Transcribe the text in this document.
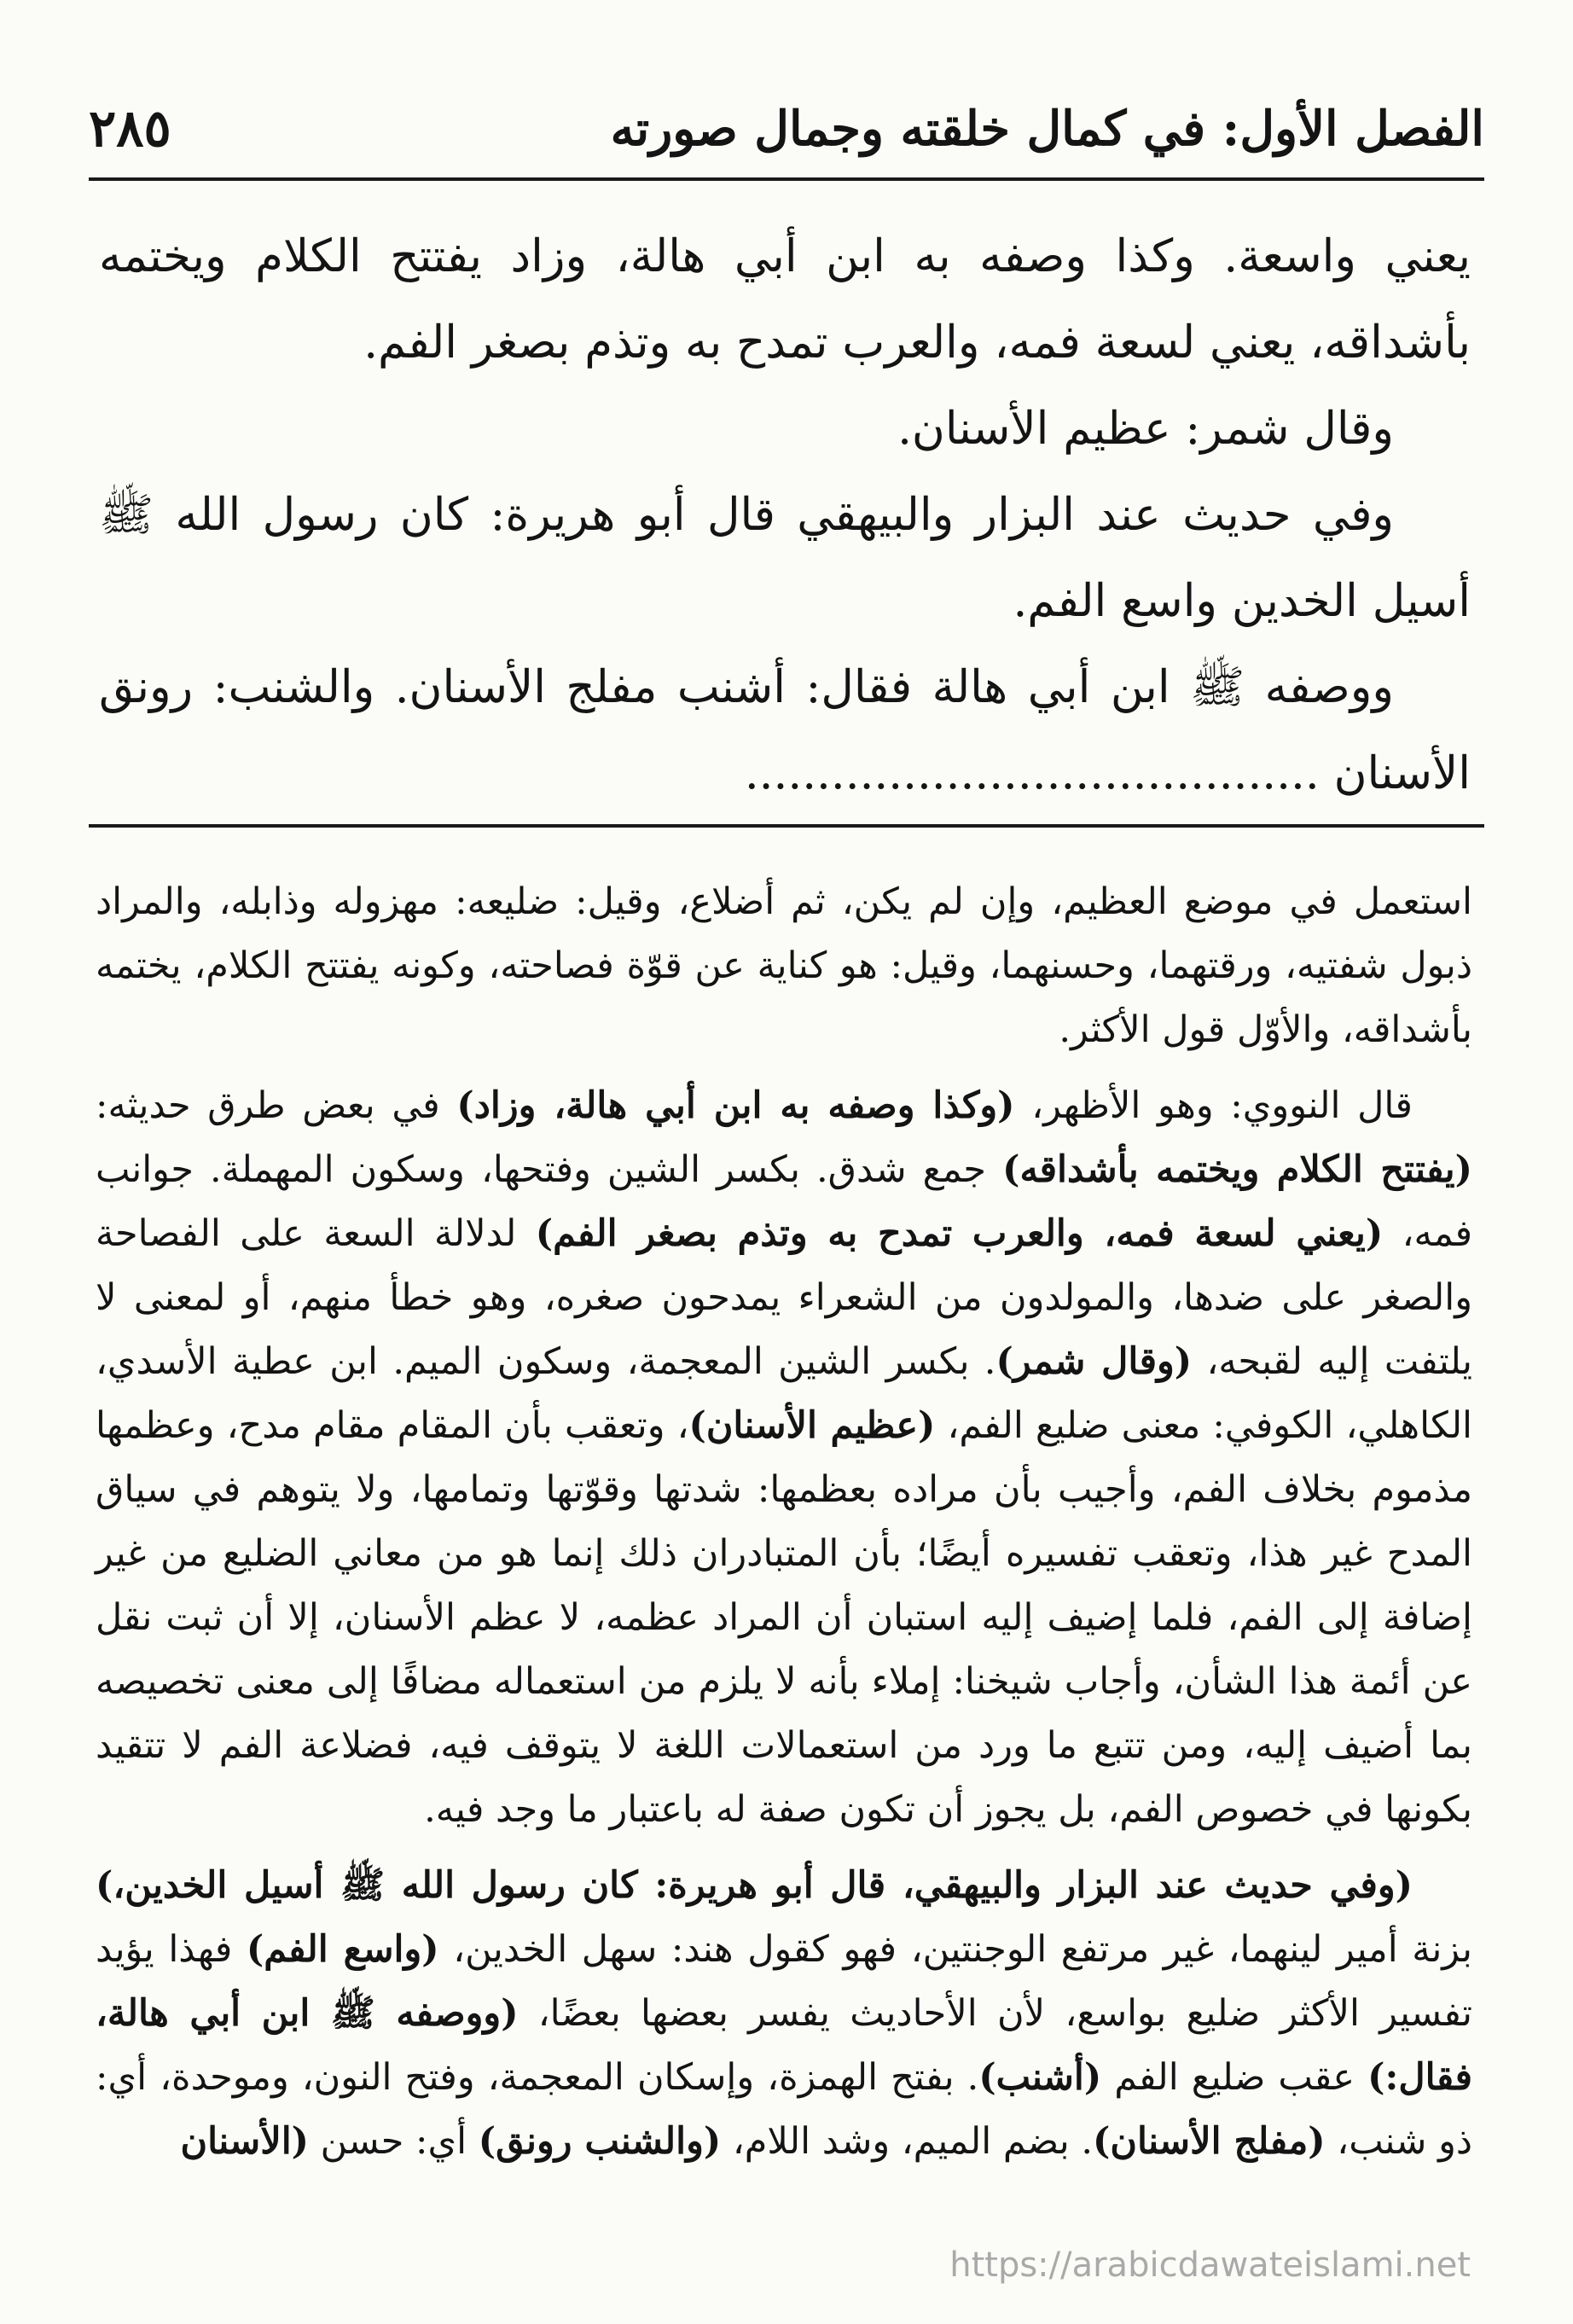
الفصل الأول: في كمال خلقته وجمال صورته
٢٨٥

يعني واسعة. وكذا وصفه به ابن أبي هالة، وزاد يفتتح الكلام ويختمه بأشداقه، يعني لسعة فمه، والعرب تمدح به وتذم بصغر الفم.

وقال شمر: عظيم الأسنان.

وفي حديث عند البزار والبيهقي قال أبو هريرة: كان رسول الله ﷺ أسيل الخدين واسع الفم.

ووصفه ﷺ ابن أبي هالة فقال: أشنب مفلج الأسنان. والشنب: رونق الأسنان ........................................

استعمل في موضع العظيم، وإن لم يكن، ثم أضلاع، وقيل: ضليعه: مهزوله وذابله، والمراد ذبول شفتيه، ورقتهما، وحسنهما، وقيل: هو كناية عن قوّة فصاحته، وكونه يفتتح الكلام، يختمه بأشداقه، والأوّل قول الأكثر.

قال النووي: وهو الأظهر، (وكذا وصفه به ابن أبي هالة، وزاد) في بعض طرق حديثه: (يفتتح الكلام ويختمه بأشداقه) جمع شدق. بكسر الشين وفتحها، وسكون المهملة. جوانب فمه، (يعني لسعة فمه، والعرب تمدح به وتذم بصغر الفم) لدلالة السعة على الفصاحة والصغر على ضدها، والمولدون من الشعراء يمدحون صغره، وهو خطأ منهم، أو لمعنى لا يلتفت إليه لقبحه، (وقال شمر). بكسر الشين المعجمة، وسكون الميم. ابن عطية الأسدي، الكاهلي، الكوفي: معنى ضليع الفم، (عظيم الأسنان)، وتعقب بأن المقام مقام مدح، وعظمها مذموم بخلاف الفم، وأجيب بأن مراده بعظمها: شدتها وقوّتها وتمامها، ولا يتوهم في سياق المدح غير هذا، وتعقب تفسيره أيضًا؛ بأن المتبادران ذلك إنما هو من معاني الضليع من غير إضافة إلى الفم، فلما إضيف إليه استبان أن المراد عظمه، لا عظم الأسنان، إلا أن ثبت نقل عن أئمة هذا الشأن، وأجاب شيخنا: إملاء بأنه لا يلزم من استعماله مضافًا إلى معنى تخصيصه بما أضيف إليه، ومن تتبع ما ورد من استعمالات اللغة لا يتوقف فيه، فضلاعة الفم لا تتقيد بكونها في خصوص الفم، بل يجوز أن تكون صفة له باعتبار ما وجد فيه.

(وفي حديث عند البزار والبيهقي، قال أبو هريرة: كان رسول الله ﷺ أسيل الخدين،) بزنة أمير لينهما، غير مرتفع الوجنتين، فهو كقول هند: سهل الخدين، (واسع الفم) فهذا يؤيد تفسير الأكثر ضليع بواسع، لأن الأحاديث يفسر بعضها بعضًا، (ووصفه ﷺ ابن أبي هالة، فقال:) عقب ضليع الفم (أشنب). بفتح الهمزة، وإسكان المعجمة، وفتح النون، وموحدة، أي: ذو شنب، (مفلج الأسنان). بضم الميم، وشد اللام، (والشنب رونق) أي: حسن (الأسنان

https://arabicdawateislami.net
